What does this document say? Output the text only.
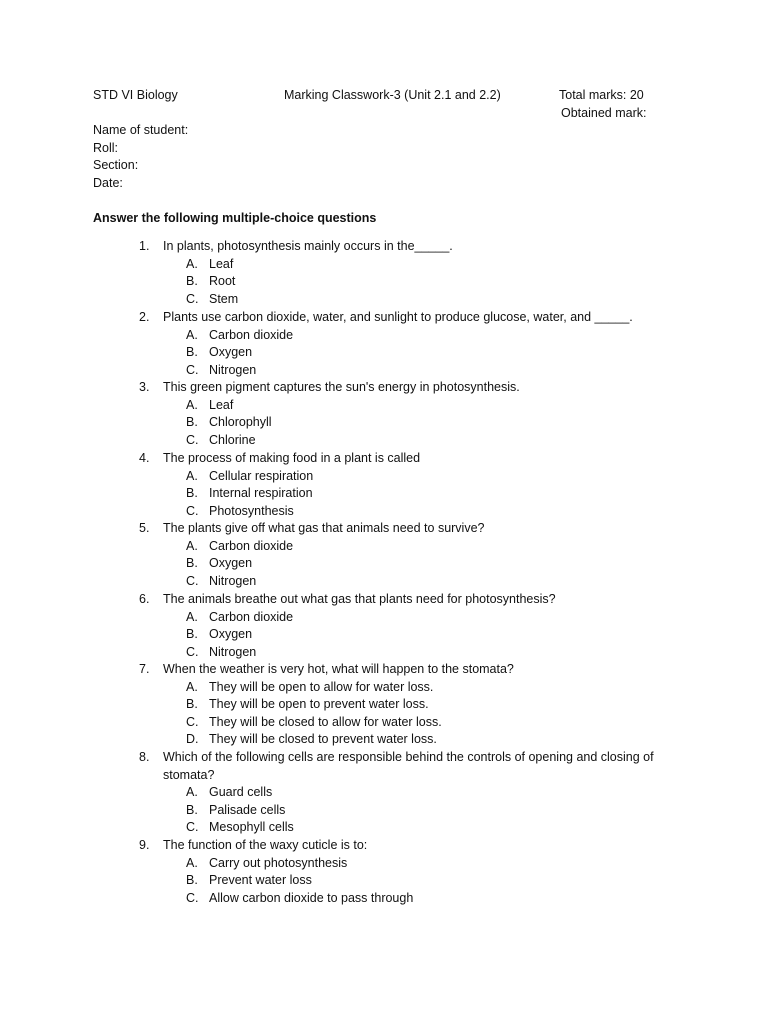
STD VI Biology	Marking Classwork-3 (Unit 2.1 and 2.2)	Total marks: 20
Obtained mark:
Name of student:
Roll:
Section:
Date:
Answer the following multiple-choice questions
1.	In plants, photosynthesis mainly occurs in the_____.
A. Leaf
B. Root
C. Stem
2.	Plants use carbon dioxide, water, and sunlight to produce glucose, water, and _____.
A. Carbon dioxide
B. Oxygen
C. Nitrogen
3.	This green pigment captures the sun's energy in photosynthesis.
A. Leaf
B. Chlorophyll
C. Chlorine
4.	The process of making food in a plant is called
A. Cellular respiration
B. Internal respiration
C. Photosynthesis
5.	The plants give off what gas that animals need to survive?
A. Carbon dioxide
B. Oxygen
C. Nitrogen
6.	The animals breathe out what gas that plants need for photosynthesis?
A. Carbon dioxide
B. Oxygen
C. Nitrogen
7.	When the weather is very hot, what will happen to the stomata?
A. They will be open to allow for water loss.
B. They will be open to prevent water loss.
C. They will be closed to allow for water loss.
D. They will be closed to prevent water loss.
8.	Which of the following cells are responsible behind the controls of opening and closing of stomata?
A. Guard cells
B. Palisade cells
C. Mesophyll cells
9.	The function of the waxy cuticle is to:
A. Carry out photosynthesis
B. Prevent water loss
C. Allow carbon dioxide to pass through
